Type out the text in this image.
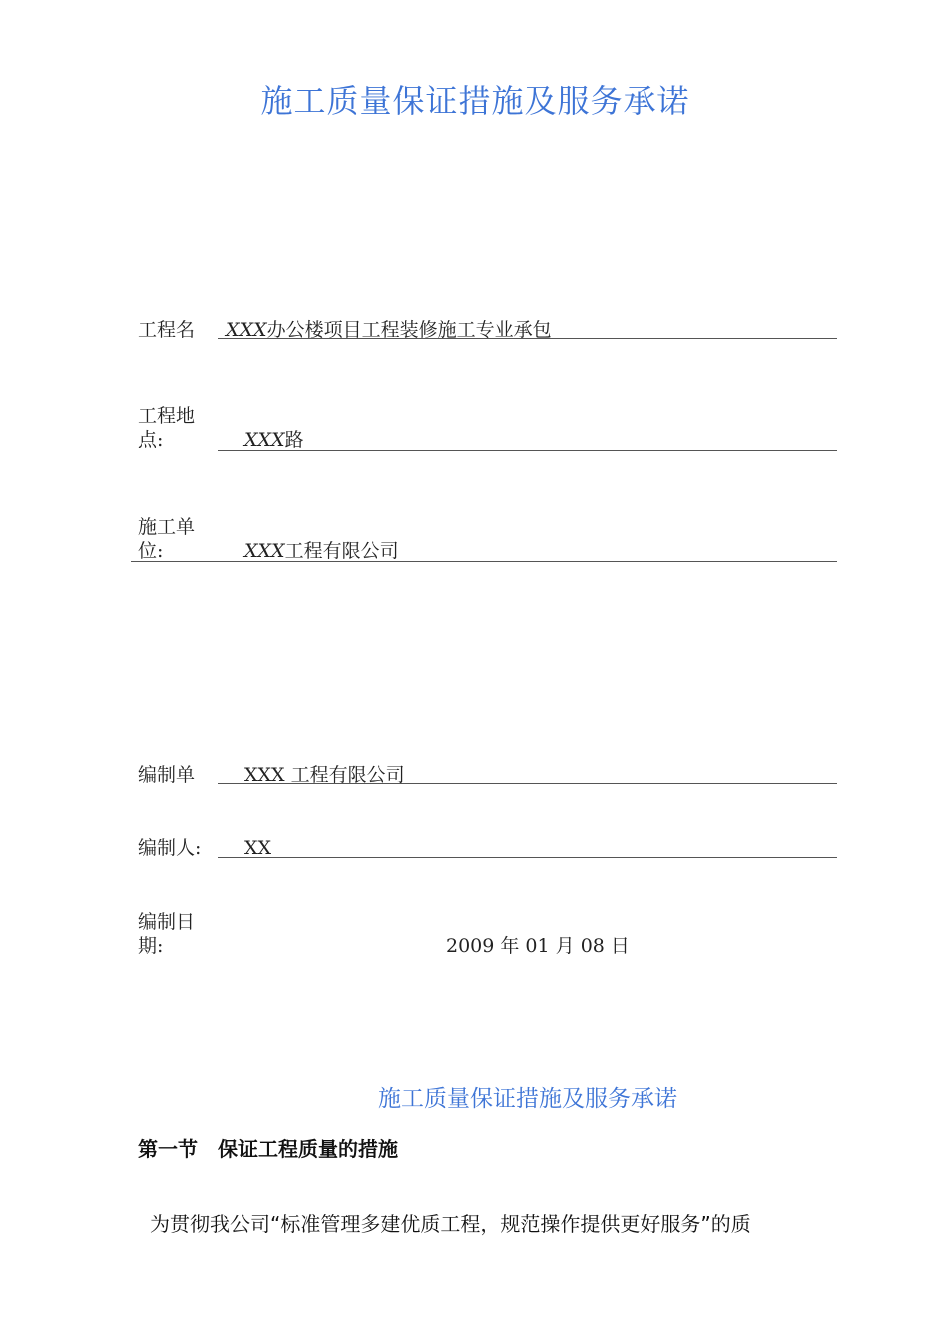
施工质量保证措施及服务承诺
工程名	XXX办公楼项目工程装修施工专业承包
工程地点:	XXX路
施工单位:	XXX工程有限公司
编制单	XXX 工程有限公司
编制人:	XX
编制日期:	2009 年 01 月 08 日
施工质量保证措施及服务承诺
第一节　保证工程质量的措施
为贯彻我公司“标准管理多建优质工程，规范操作提供更好服务”的质
